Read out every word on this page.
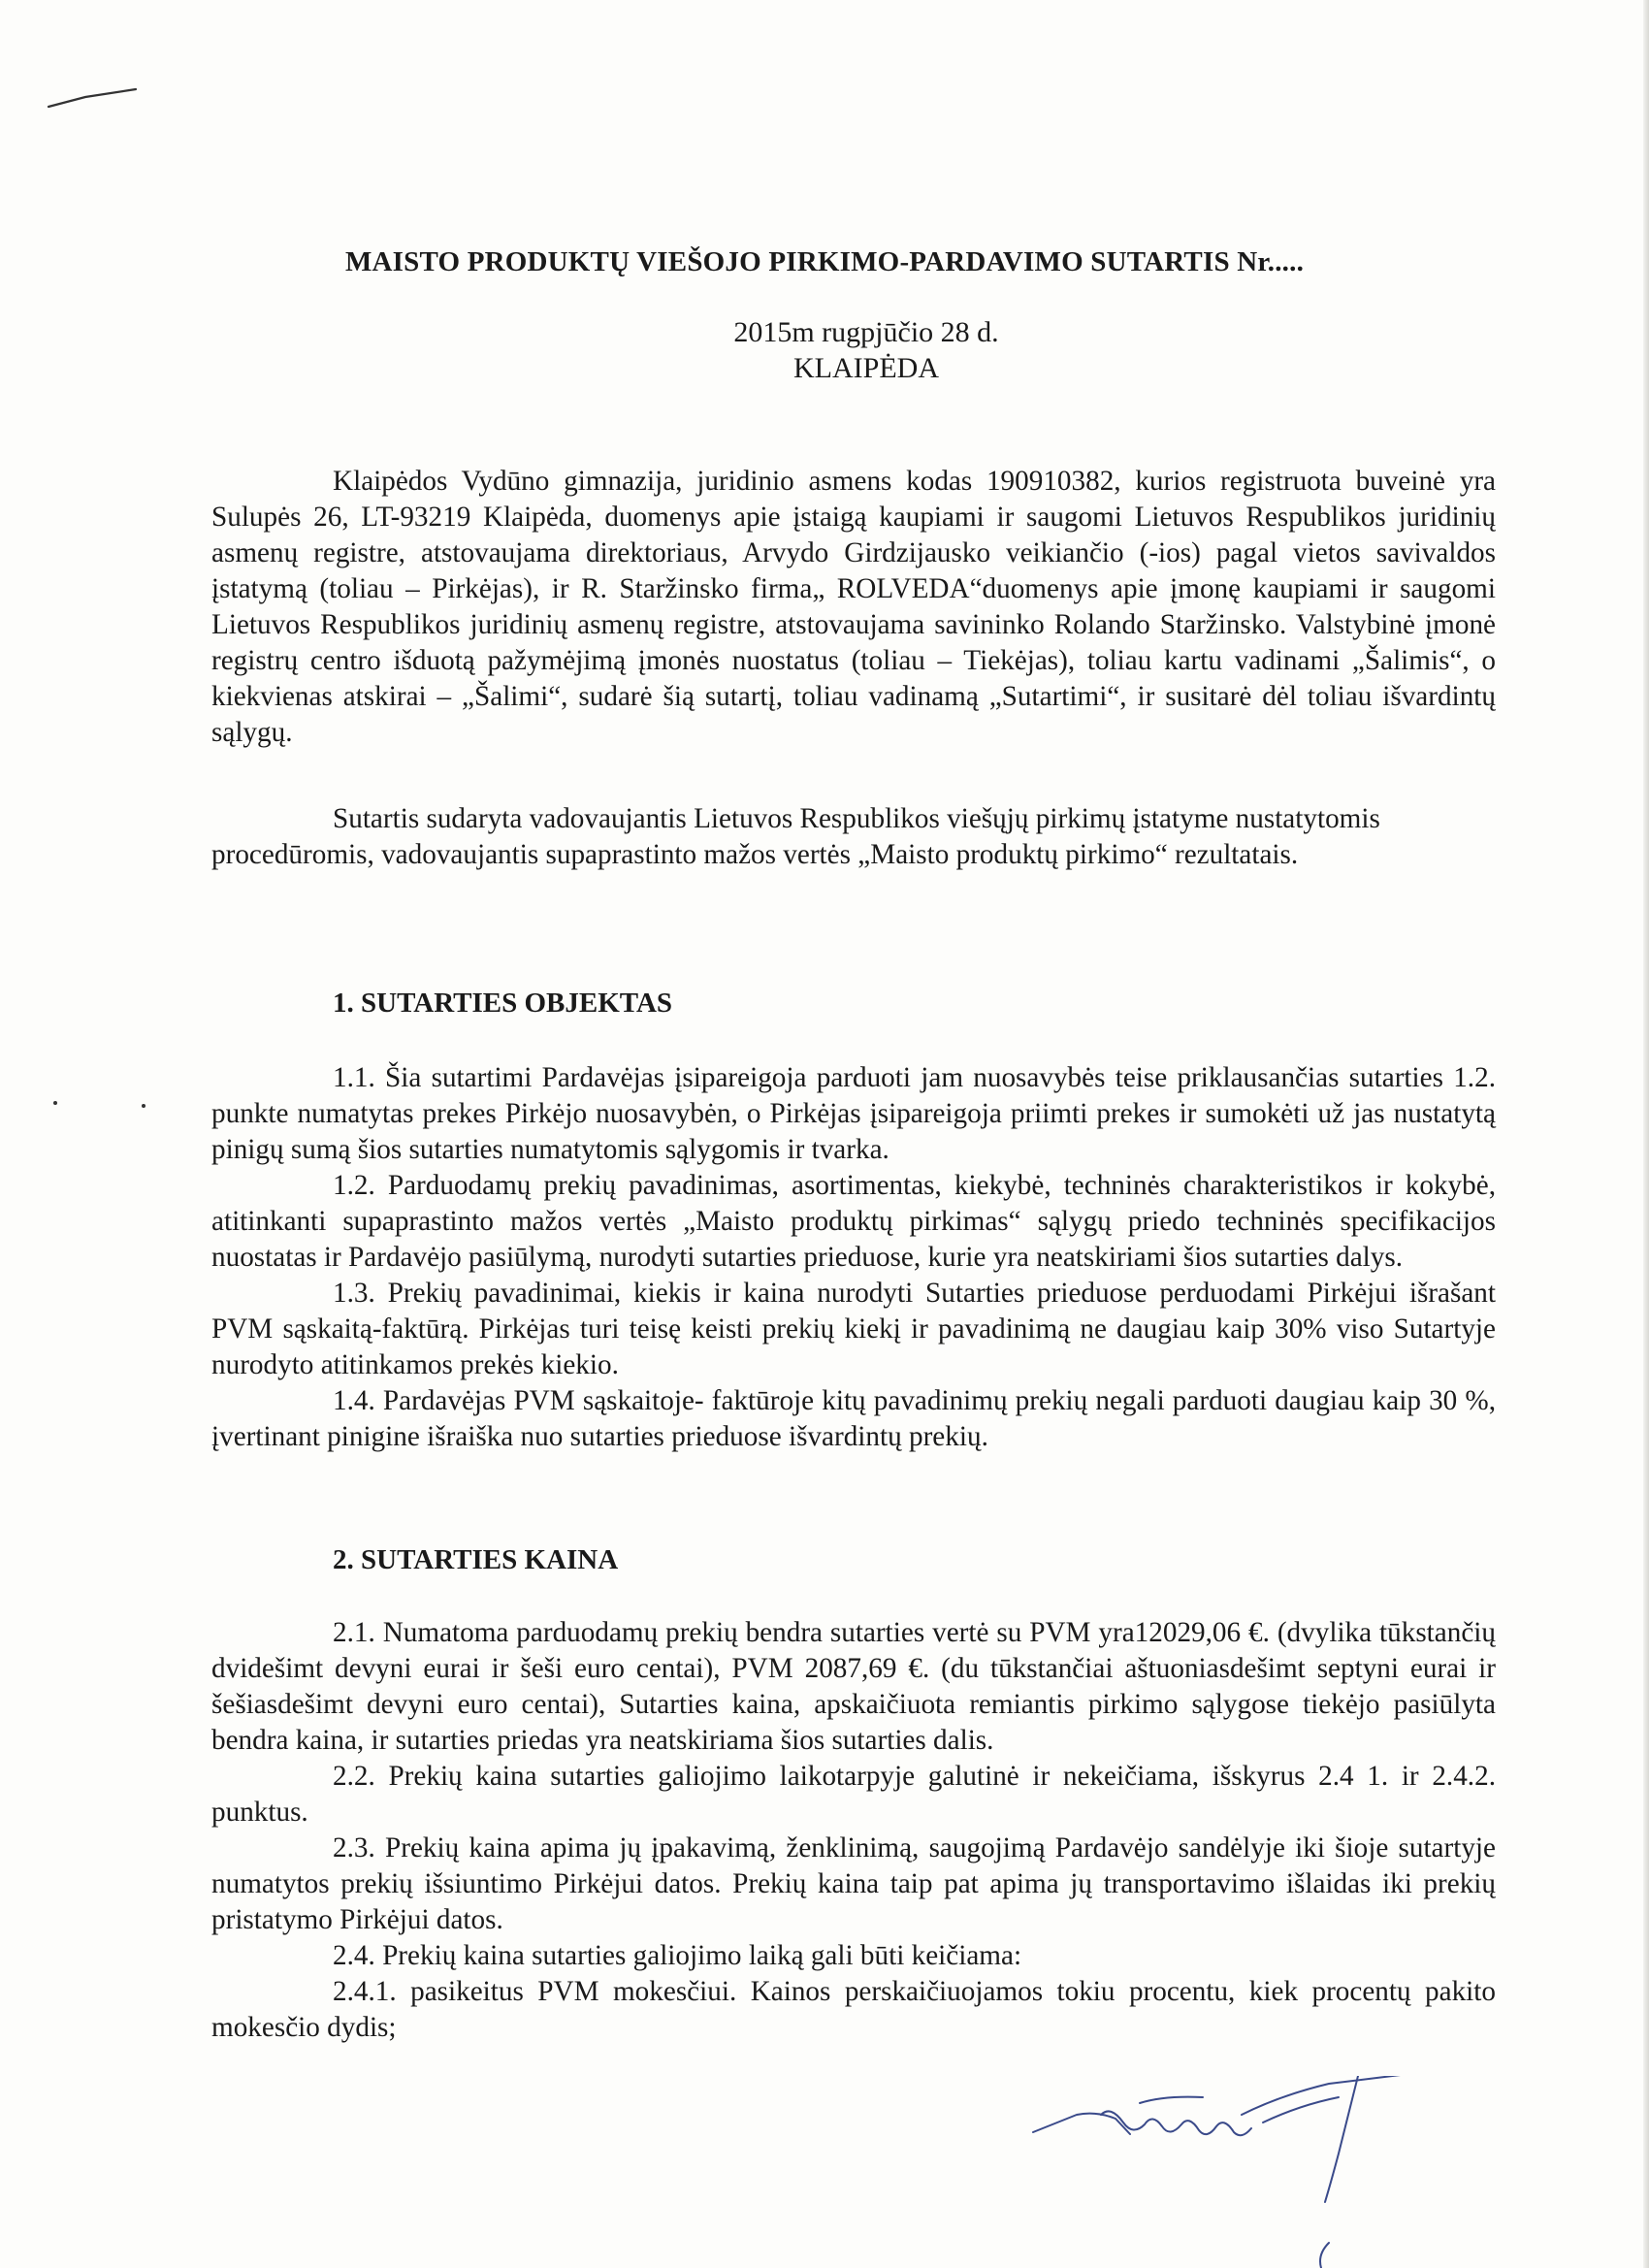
MAISTO PRODUKTŲ VIEŠOJO PIRKIMO-PARDAVIMO SUTARTIS Nr.....
2015m rugpjūčio 28 d.
KLAIPĖDA

Klaipėdos Vydūno gimnazija, juridinio asmens kodas 190910382, kurios registruota buveinė yra Sulupės 26, LT-93219 Klaipėda, duomenys apie įstaigą kaupiami ir saugomi Lietuvos Respublikos juridinių asmenų registre, atstovaujama direktoriaus, Arvydo Girdzijausko veikiančio (-ios) pagal vietos savivaldos įstatymą (toliau – Pirkėjas), ir R. Staržinsko firma„ ROLVEDA“duomenys apie įmonę kaupiami ir saugomi Lietuvos Respublikos juridinių asmenų registre, atstovaujama savininko Rolando Staržinsko. Valstybinė įmonė registrų centro išduotą pažymėjimą įmonės nuostatus (toliau – Tiekėjas), toliau kartu vadinami „Šalimis“, o kiekvienas atskirai – „Šalimi“, sudarė šią sutartį, toliau vadinamą „Sutartimi“, ir susitarė dėl toliau išvardintų sąlygų.

Sutartis sudaryta vadovaujantis Lietuvos Respublikos viešųjų pirkimų įstatyme nustatytomis procedūromis, vadovaujantis supaprastinto mažos vertės „Maisto produktų pirkimo“ rezultatais.

1. SUTARTIES OBJEKTAS

1.1. Šia sutartimi Pardavėjas įsipareigoja parduoti jam nuosavybės teise priklausančias sutarties 1.2. punkte numatytas prekes Pirkėjo nuosavybėn, o Pirkėjas įsipareigoja priimti prekes ir sumokėti už jas nustatytą pinigų sumą šios sutarties numatytomis sąlygomis ir tvarka.

1.2. Parduodamų prekių pavadinimas, asortimentas, kiekybė, techninės charakteristikos ir kokybė, atitinkanti supaprastinto mažos vertės „Maisto produktų pirkimas“ sąlygų priedo techninės specifikacijos nuostatas ir Pardavėjo pasiūlymą, nurodyti sutarties prieduose, kurie yra neatskiriami šios sutarties dalys.

1.3. Prekių pavadinimai, kiekis ir kaina nurodyti Sutarties prieduose perduodami Pirkėjui išrašant PVM sąskaitą-faktūrą. Pirkėjas turi teisę keisti prekių kiekį ir pavadinimą ne daugiau kaip 30% viso Sutartyje nurodyto atitinkamos prekės kiekio.

1.4. Pardavėjas PVM sąskaitoje- faktūroje kitų pavadinimų prekių negali parduoti daugiau kaip 30 %, įvertinant pinigine išraiška nuo sutarties prieduose išvardintų prekių.

2. SUTARTIES KAINA

2.1. Numatoma parduodamų prekių bendra sutarties vertė su PVM yra12029,06 €. (dvylika tūkstančių dvidešimt devyni eurai ir šeši euro centai), PVM 2087,69 €. (du tūkstančiai aštuoniasdešimt septyni eurai ir šešiasdešimt devyni euro centai), Sutarties kaina, apskaičiuota remiantis pirkimo sąlygose tiekėjo pasiūlyta bendra kaina, ir sutarties priedas yra neatskiriama šios sutarties dalis.

2.2. Prekių kaina sutarties galiojimo laikotarpyje galutinė ir nekeičiama, išskyrus 2.4 1. ir 2.4.2. punktus.

2.3. Prekių kaina apima jų įpakavimą, ženklinimą, saugojimą Pardavėjo sandėlyje iki šioje sutartyje numatytos prekių išsiuntimo Pirkėjui datos. Prekių kaina taip pat apima jų transportavimo išlaidas iki prekių pristatymo Pirkėjui datos.

2.4. Prekių kaina sutarties galiojimo laiką gali būti keičiama:

2.4.1. pasikeitus PVM mokesčiui. Kainos perskaičiuojamos tokiu procentu, kiek procentų pakito mokesčio dydis;
